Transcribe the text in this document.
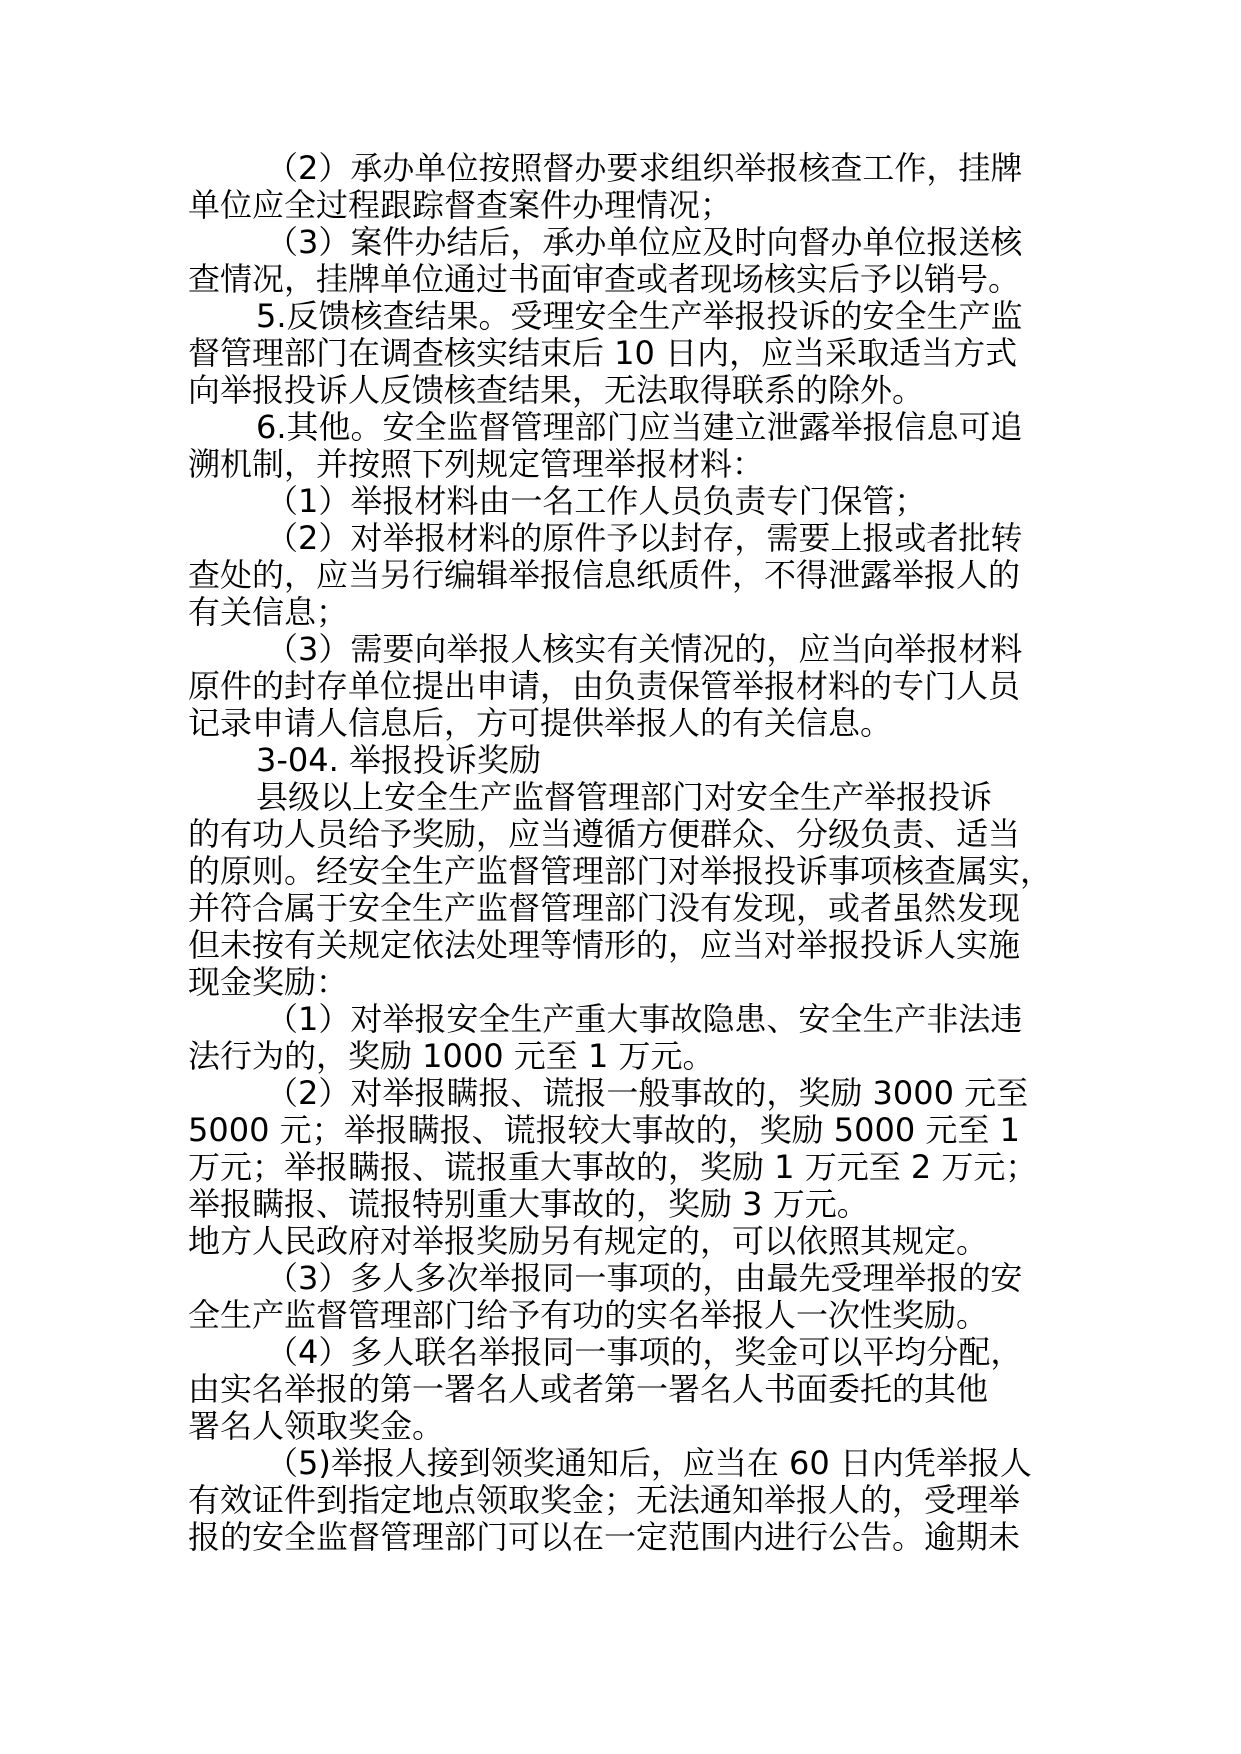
（2）承办单位按照督办要求组织举报核查工作，挂牌
单位应全过程跟踪督查案件办理情况；
（3）案件办结后，承办单位应及时向督办单位报送核
查情况，挂牌单位通过书面审查或者现场核实后予以销号。
5.反馈核查结果。受理安全生产举报投诉的安全生产监
督管理部门在调查核实结束后 10 日内，应当采取适当方式
向举报投诉人反馈核查结果，无法取得联系的除外。
6.其他。安全监督管理部门应当建立泄露举报信息可追
溯机制，并按照下列规定管理举报材料：
（1）举报材料由一名工作人员负责专门保管；
（2）对举报材料的原件予以封存，需要上报或者批转
查处的，应当另行编辑举报信息纸质件，不得泄露举报人的
有关信息；
（3）需要向举报人核实有关情况的，应当向举报材料
原件的封存单位提出申请，由负责保管举报材料的专门人员
记录申请人信息后，方可提供举报人的有关信息。
3-04. 举报投诉奖励
县级以上安全生产监督管理部门对安全生产举报投诉
的有功人员给予奖励，应当遵循方便群众、分级负责、适当
的原则。经安全生产监督管理部门对举报投诉事项核查属实，
并符合属于安全生产监督管理部门没有发现，或者虽然发现
但未按有关规定依法处理等情形的，应当对举报投诉人实施
现金奖励：
（1）对举报安全生产重大事故隐患、安全生产非法违
法行为的，奖励 1000 元至 1 万元。
（2）对举报瞒报、谎报一般事故的，奖励 3000 元至
5000 元；举报瞒报、谎报较大事故的，奖励 5000 元至 1
万元；举报瞒报、谎报重大事故的，奖励 1 万元至 2 万元；
举报瞒报、谎报特别重大事故的，奖励 3 万元。
地方人民政府对举报奖励另有规定的，可以依照其规定。
（3）多人多次举报同一事项的，由最先受理举报的安
全生产监督管理部门给予有功的实名举报人一次性奖励。
（4）多人联名举报同一事项的，奖金可以平均分配，
由实名举报的第一署名人或者第一署名人书面委托的其他
署名人领取奖金。
（5)举报人接到领奖通知后，应当在 60 日内凭举报人
有效证件到指定地点领取奖金；无法通知举报人的，受理举
报的安全监督管理部门可以在一定范围内进行公告。逾期未
